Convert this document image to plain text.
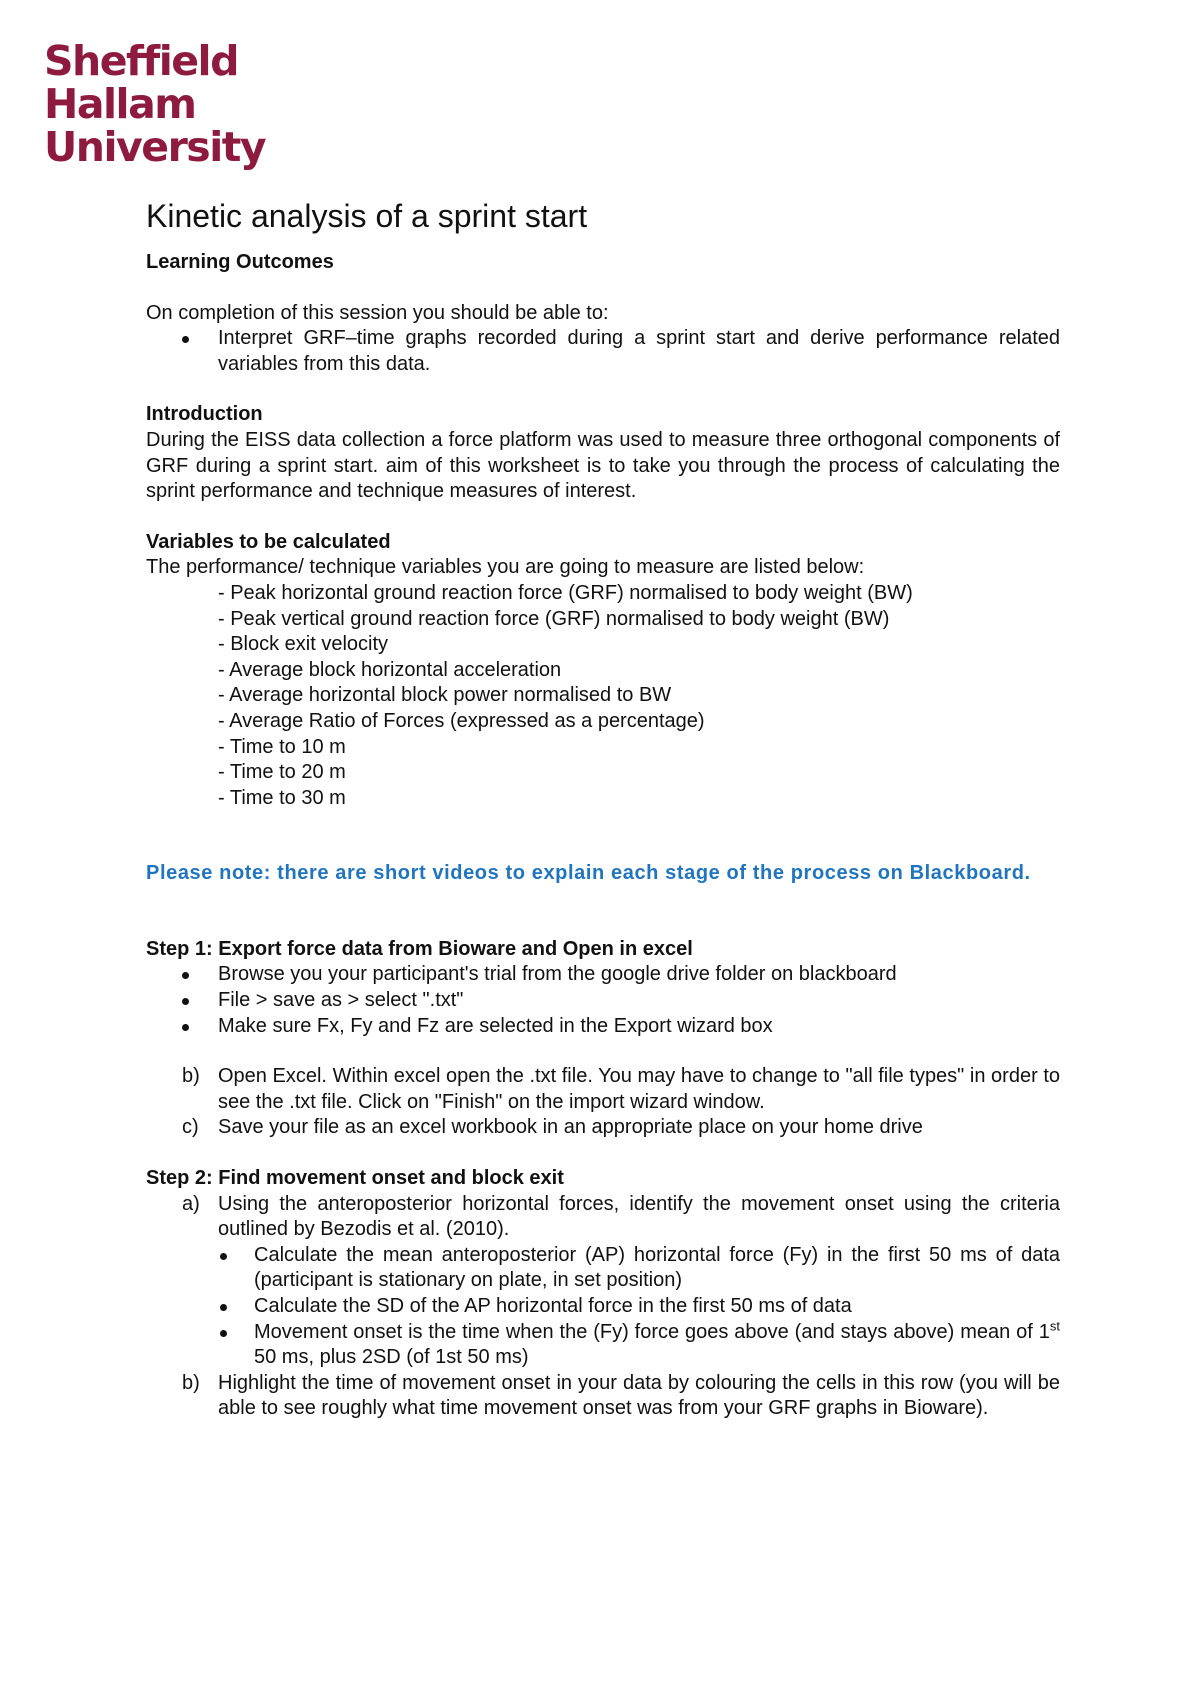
Sheffield
Hallam
University
Kinetic analysis of a sprint start

Learning Outcomes

On completion of this session you should be able to:

Interpret GRF–time graphs recorded during a sprint start and derive performance related variables from this data.

Introduction

During the EISS data collection a force platform was used to measure three orthogonal components of GRF during a sprint start. aim of this worksheet is to take you through the process of calculating the sprint performance and technique measures of interest.

Variables to be calculated

The performance/ technique variables you are going to measure are listed below:

- Peak horizontal ground reaction force (GRF) normalised to body weight (BW)
- Peak vertical ground reaction force (GRF) normalised to body weight (BW)
- Block exit velocity
- Average block horizontal acceleration
- Average horizontal block power normalised to BW
- Average Ratio of Forces (expressed as a percentage)
- Time to 10 m
- Time to 20 m
- Time to 30 m

Please note: there are short videos to explain each stage of the process on Blackboard.

Step 1: Export force data from Bioware and Open in excel

Browse you your participant's trial from the google drive folder on blackboard

File > save as > select ".txt"

Make sure Fx, Fy and Fz are selected in the Export wizard box

b) Open Excel. Within excel open the .txt file. You may have to change to "all file types" in order to see the .txt file. Click on "Finish" on the import wizard window.
c) Save your file as an excel workbook in an appropriate place on your home drive

Step 2: Find movement onset and block exit

a) Using the anteroposterior horizontal forces, identify the movement onset using the criteria outlined by Bezodis et al. (2010).

Calculate the mean anteroposterior (AP) horizontal force (Fy) in the first 50 ms of data (participant is stationary on plate, in set position)

Calculate the SD of the AP horizontal force in the first 50 ms of data

Movement onset is the time when the (Fy) force goes above (and stays above) mean of 1st 50 ms, plus 2SD (of 1st 50 ms)

b) Highlight the time of movement onset in your data by colouring the cells in this row (you will be able to see roughly what time movement onset was from your GRF graphs in Bioware).
